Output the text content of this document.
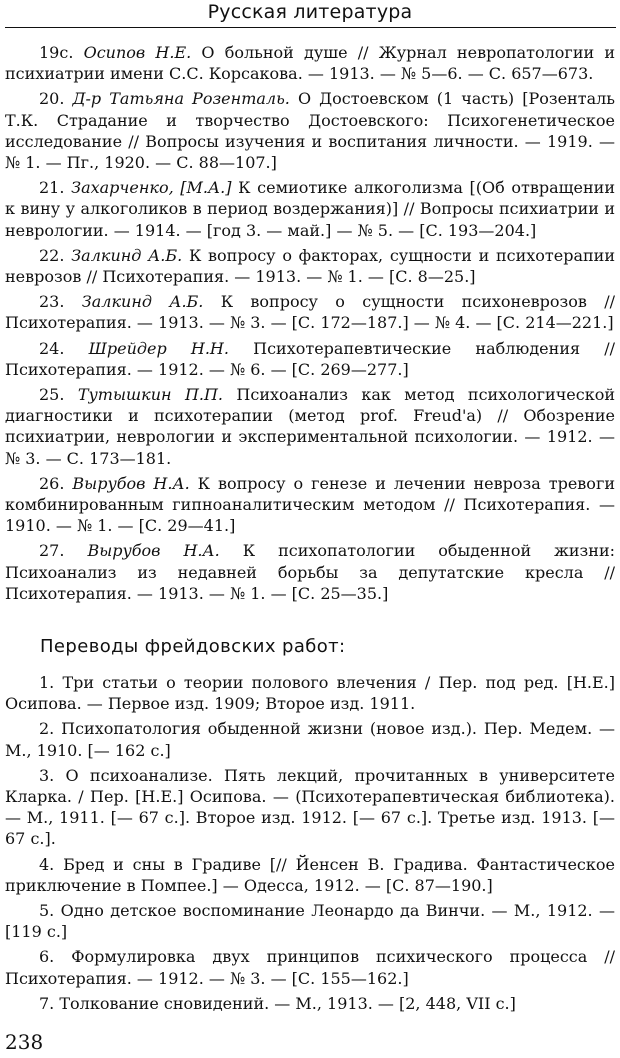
Русская литература

19с. Осипов Н.Е. О больной душе // Журнал невропатологии и психиатрии имени С.С. Корсакова. — 1913. — № 5—6. — С. 657—673.

20. Д-р Татьяна Розенталь. О Достоевском (1 часть) [Розенталь Т.К. Страдание и творчество Достоевского: Психогенетическое исследование // Вопросы изучения и воспитания личности. — 1919. — № 1. — Пг., 1920. — С. 88—107.]

21. Захарченко, [М.А.] К семиотике алкоголизма [(Об отвращении к вину у алкоголиков в период воздержания)] // Вопросы психиатрии и неврологии. — 1914. — [год 3. — май.] — № 5. — [С. 193—204.]

22. Залкинд А.Б. К вопросу о факторах, сущности и психотерапии неврозов // Психотерапия. — 1913. — № 1. — [С. 8—25.]

23. Залкинд А.Б. К вопросу о сущности психоневрозов // Психотерапия. — 1913. — № 3. — [С. 172—187.] — № 4. — [С. 214—221.]

24. Шрейдер Н.Н. Психотерапевтические наблюдения // Психотерапия. — 1912. — № 6. — [С. 269—277.]

25. Тутышкин П.П. Психоанализ как метод психологической диагностики и психотерапии (метод prof. Freud'a) // Обозрение психиатрии, неврологии и экспериментальной психологии. — 1912. — № 3. — С. 173—181.

26. Вырубов Н.А. К вопросу о генезе и лечении невроза тревоги комбинированным гипноаналитическим методом // Психотерапия. — 1910. — № 1. — [С. 29—41.]

27. Вырубов Н.А. К психопатологии обыденной жизни: Психоанализ из недавней борьбы за депутатские кресла // Психотерапия. — 1913. — № 1. — [С. 25—35.]

Переводы фрейдовских работ:

1. Три статьи о теории полового влечения / Пер. под ред. [Н.Е.] Осипова. — Первое изд. 1909; Второе изд. 1911.

2. Психопатология обыденной жизни (новое изд.). Пер. Медем. — М., 1910. [— 162 с.]

3. О психоанализе. Пять лекций, прочитанных в университете Кларка. / Пер. [Н.Е.] Осипова. — (Психотерапевтическая библиотека). — М., 1911. [— 67 с.]. Второе изд. 1912. [— 67 с.]. Третье изд. 1913. [— 67 с.].

4. Бред и сны в Градиве [// Йенсен В. Градива. Фантастическое приключение в Помпее.] — Одесса, 1912. — [С. 87—190.]

5. Одно детское воспоминание Леонардо да Винчи. — М., 1912. — [119 с.]

6. Формулировка двух принципов психического процесса // Психотерапия. — 1912. — № 3. — [С. 155—162.]

7. Толкование сновидений. — М., 1913. — [2, 448, VII с.]

238
